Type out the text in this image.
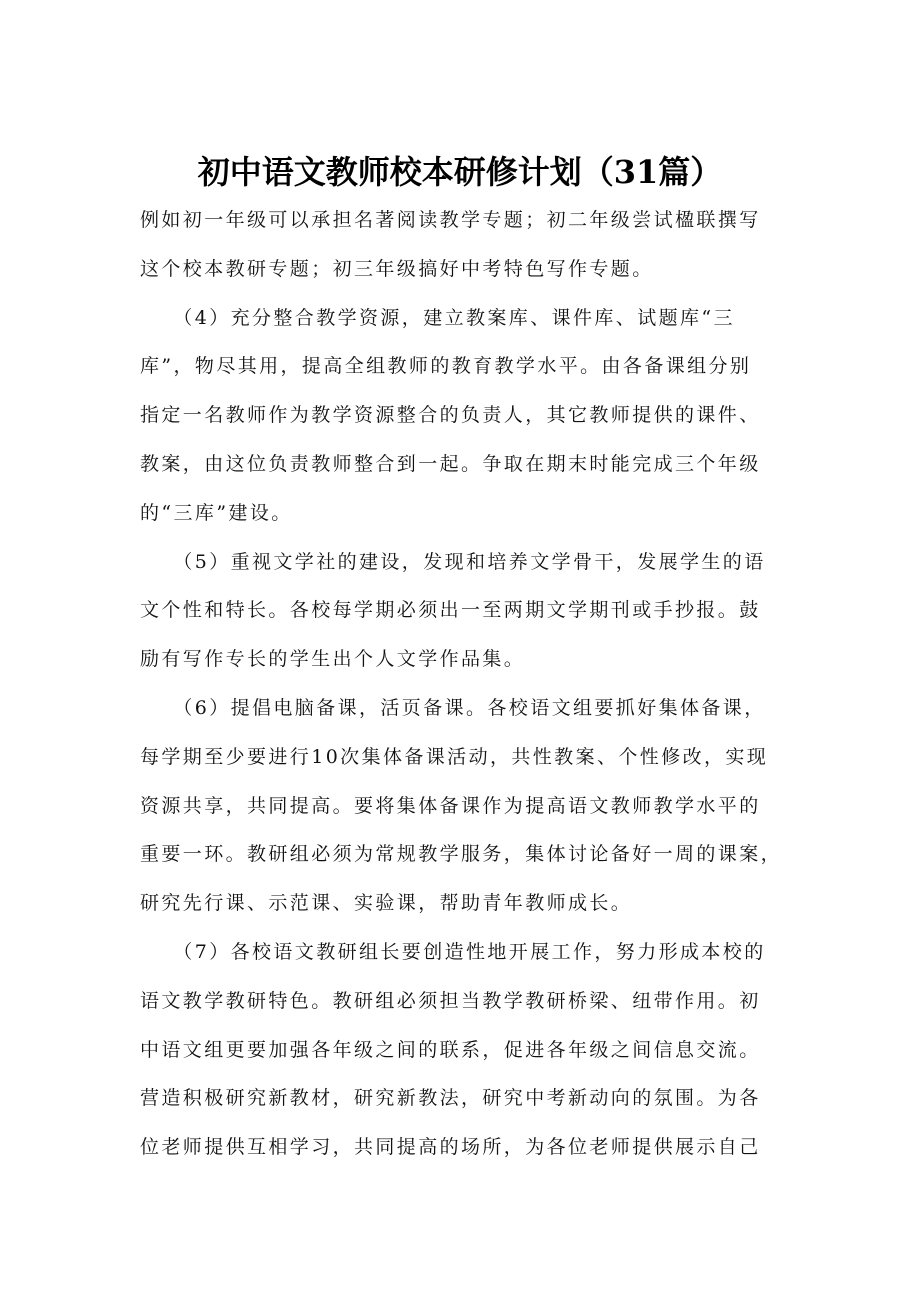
初中语文教师校本研修计划（31篇）
例如初一年级可以承担名著阅读教学专题；初二年级尝试楹联撰写
这个校本教研专题；初三年级搞好中考特色写作专题。
　　（4）充分整合教学资源，建立教案库、课件库、试题库“三
库”，物尽其用，提高全组教师的教育教学水平。由各备课组分别
指定一名教师作为教学资源整合的负责人，其它教师提供的课件、
教案，由这位负责教师整合到一起。争取在期末时能完成三个年级
的“三库”建设。
　　（5）重视文学社的建设，发现和培养文学骨干，发展学生的语
文个性和特长。各校每学期必须出一至两期文学期刊或手抄报。鼓
励有写作专长的学生出个人文学作品集。
　　（6）提倡电脑备课，活页备课。各校语文组要抓好集体备课，
每学期至少要进行10次集体备课活动，共性教案、个性修改，实现
资源共享，共同提高。要将集体备课作为提高语文教师教学水平的
重要一环。教研组必须为常规教学服务，集体讨论备好一周的课案，
研究先行课、示范课、实验课，帮助青年教师成长。
　　（7）各校语文教研组长要创造性地开展工作，努力形成本校的
语文教学教研特色。教研组必须担当教学教研桥梁、纽带作用。初
中语文组更要加强各年级之间的联系，促进各年级之间信息交流。
营造积极研究新教材，研究新教法，研究中考新动向的氛围。为各
位老师提供互相学习，共同提高的场所，为各位老师提供展示自己
